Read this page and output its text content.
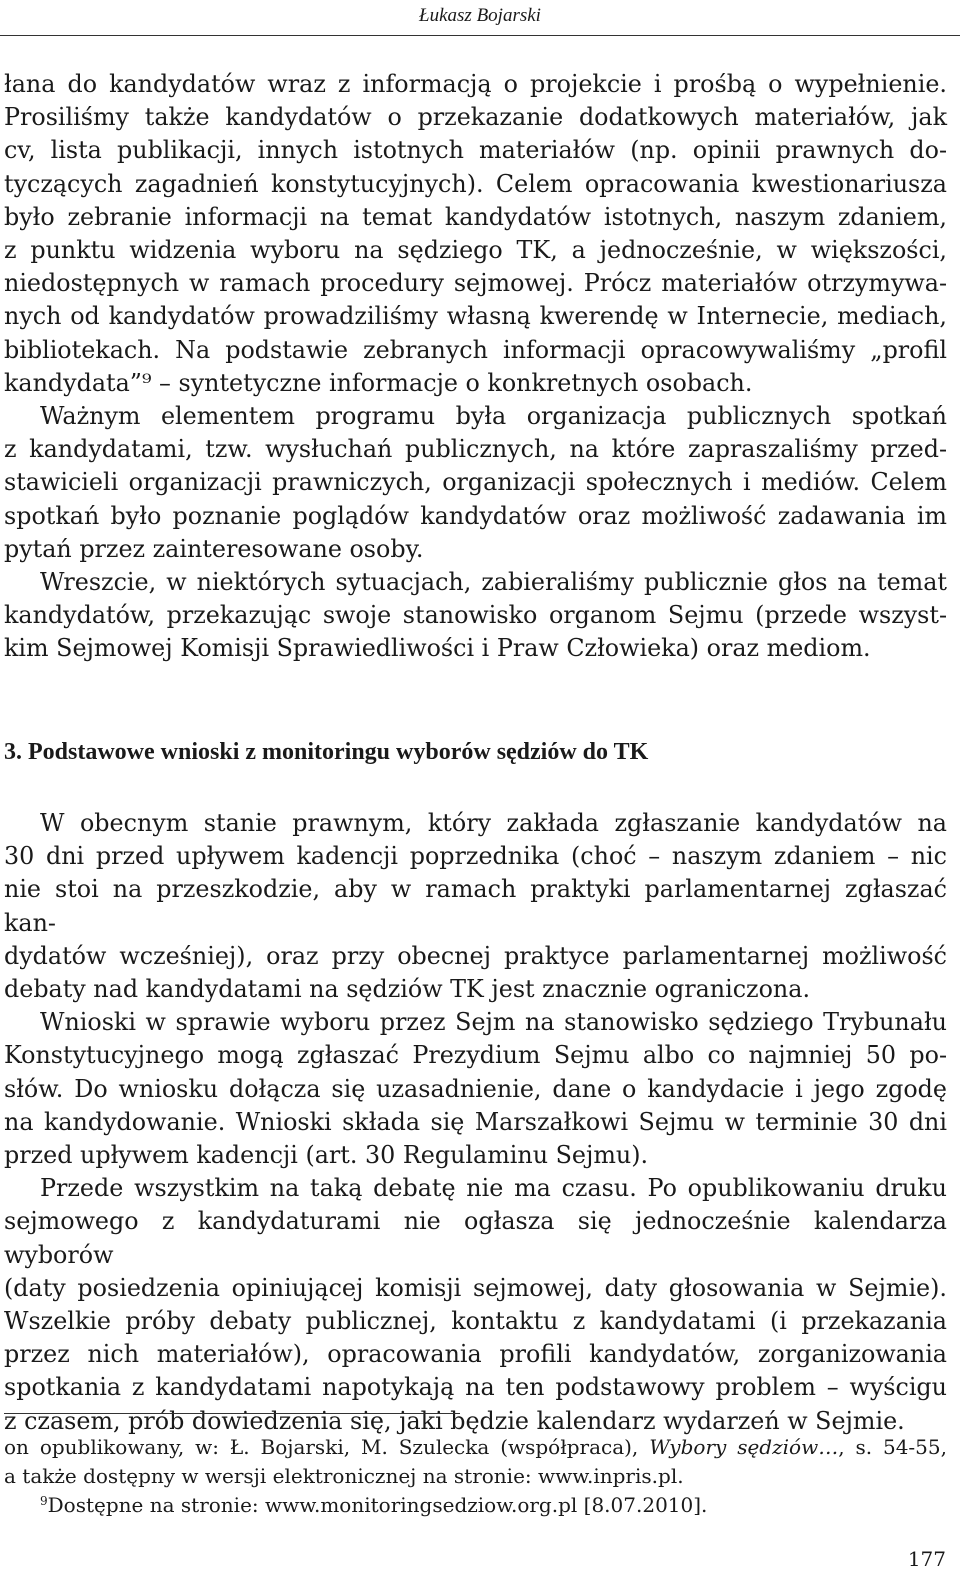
Łukasz Bojarski

łana do kandydatów wraz z informacją o projekcie i prośbą o wypełnienie.
Prosiliśmy także kandydatów o przekazanie dodatkowych materiałów, jak
cv, lista publikacji, innych istotnych materiałów (np. opinii prawnych do-
tyczących zagadnień konstytucyjnych). Celem opracowania kwestionariusza
było zebranie informacji na temat kandydatów istotnych, naszym zdaniem,
z punktu widzenia wyboru na sędziego TK, a jednocześnie, w większości,
niedostępnych w ramach procedury sejmowej. Prócz materiałów otrzymywa-
nych od kandydatów prowadziliśmy własną kwerendę w Internecie, mediach,
bibliotekach. Na podstawie zebranych informacji opracowywaliśmy „profil
kandydata”⁹ – syntetyczne informacje o konkretnych osobach.

Ważnym elementem programu była organizacja publicznych spotkań
z kandydatami, tzw. wysłuchań publicznych, na które zapraszaliśmy przed-
stawicieli organizacji prawniczych, organizacji społecznych i mediów. Celem
spotkań było poznanie poglądów kandydatów oraz możliwość zadawania im
pytań przez zainteresowane osoby.

Wreszcie, w niektórych sytuacjach, zabieraliśmy publicznie głos na temat
kandydatów, przekazując swoje stanowisko organom Sejmu (przede wszyst-
kim Sejmowej Komisji Sprawiedliwości i Praw Człowieka) oraz mediom.

3. Podstawowe wnioski z monitoringu wyborów sędziów do TK

W obecnym stanie prawnym, który zakłada zgłaszanie kandydatów na
30 dni przed upływem kadencji poprzednika (choć – naszym zdaniem – nic
nie stoi na przeszkodzie, aby w ramach praktyki parlamentarnej zgłaszać kan-
dydatów wcześniej), oraz przy obecnej praktyce parlamentarnej możliwość
debaty nad kandydatami na sędziów TK jest znacznie ograniczona.

Wnioski w sprawie wyboru przez Sejm na stanowisko sędziego Trybunału
Konstytucyjnego mogą zgłaszać Prezydium Sejmu albo co najmniej 50 po-
słów. Do wniosku dołącza się uzasadnienie, dane o kandydacie i jego zgodę
na kandydowanie. Wnioski składa się Marszałkowi Sejmu w terminie 30 dni
przed upływem kadencji (art. 30 Regulaminu Sejmu).

Przede wszystkim na taką debatę nie ma czasu. Po opublikowaniu druku
sejmowego z kandydaturami nie ogłasza się jednocześnie kalendarza wyborów
(daty posiedzenia opiniującej komisji sejmowej, daty głosowania w Sejmie).
Wszelkie próby debaty publicznej, kontaktu z kandydatami (i przekazania
przez nich materiałów), opracowania profili kandydatów, zorganizowania
spotkania z kandydatami napotykają na ten podstawowy problem – wyścigu
z czasem, prób dowiedzenia się, jaki będzie kalendarz wydarzeń w Sejmie.

on opublikowany, w: Ł. Bojarski, M. Szulecka (współpraca), Wybory sędziów…, s. 54-55,

a także dostępny w wersji elektronicznej na stronie: www.inpris.pl.

$^9$Dostępne na stronie: www.monitoringsedziow.org.pl [8.07.2010].

177
